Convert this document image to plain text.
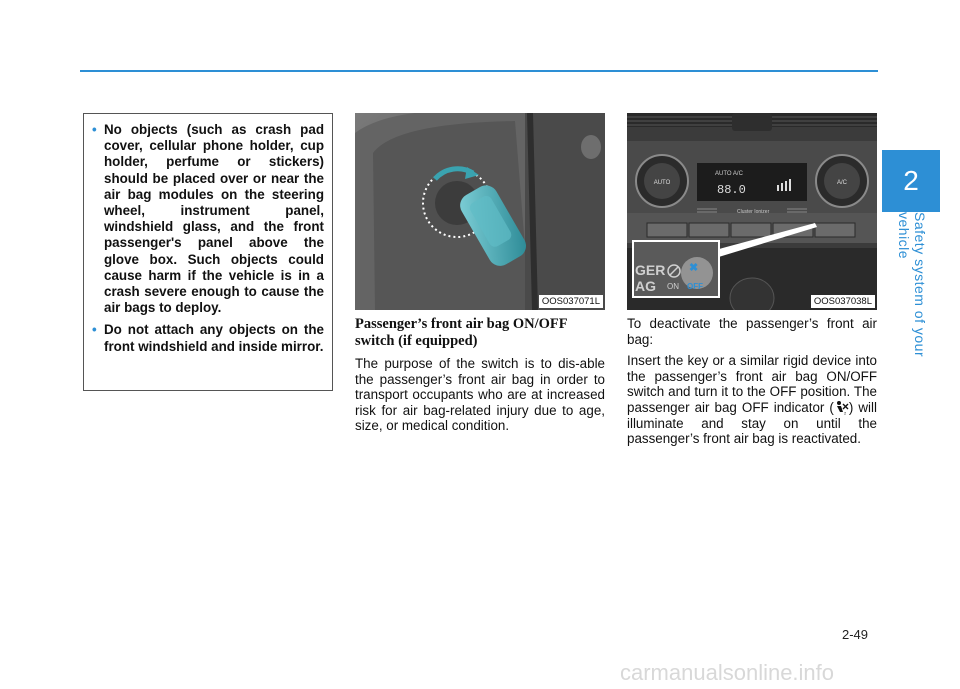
2
Safety system of your vehicle
• No objects (such as crash pad cover, cellular phone holder, cup holder, perfume or stickers) should be placed over or near the air bag modules on the steering wheel, instrument panel, windshield glass, and the front passenger's panel above the glove box. Such objects could cause harm if the vehicle is in a crash severe enough to cause the air bags to deploy.
• Do not attach any objects on the front windshield and inside mirror.
OOS037071L
AUTO	A/C
AUTO A/C
88.0
Cluster Ionizer
GER
AG ON
✖
OFF
OOS037038L

Passenger’s front air bag ON/OFF switch (if equipped)

The purpose of the switch is to dis-able the passenger’s front air bag in order to transport occupants who are at increased risk for air bag-related injury due to age, size, or medical condition.

To deactivate the passenger’s front air bag:

Insert the key or a similar rigid device into the passenger’s front air bag ON/OFF switch and turn it to the OFF position. The passenger air bag OFF indicator (	2 ) will illuminate and stay on until the passenger’s front air bag is reactivated.

2-49
carmanualsonline.info
